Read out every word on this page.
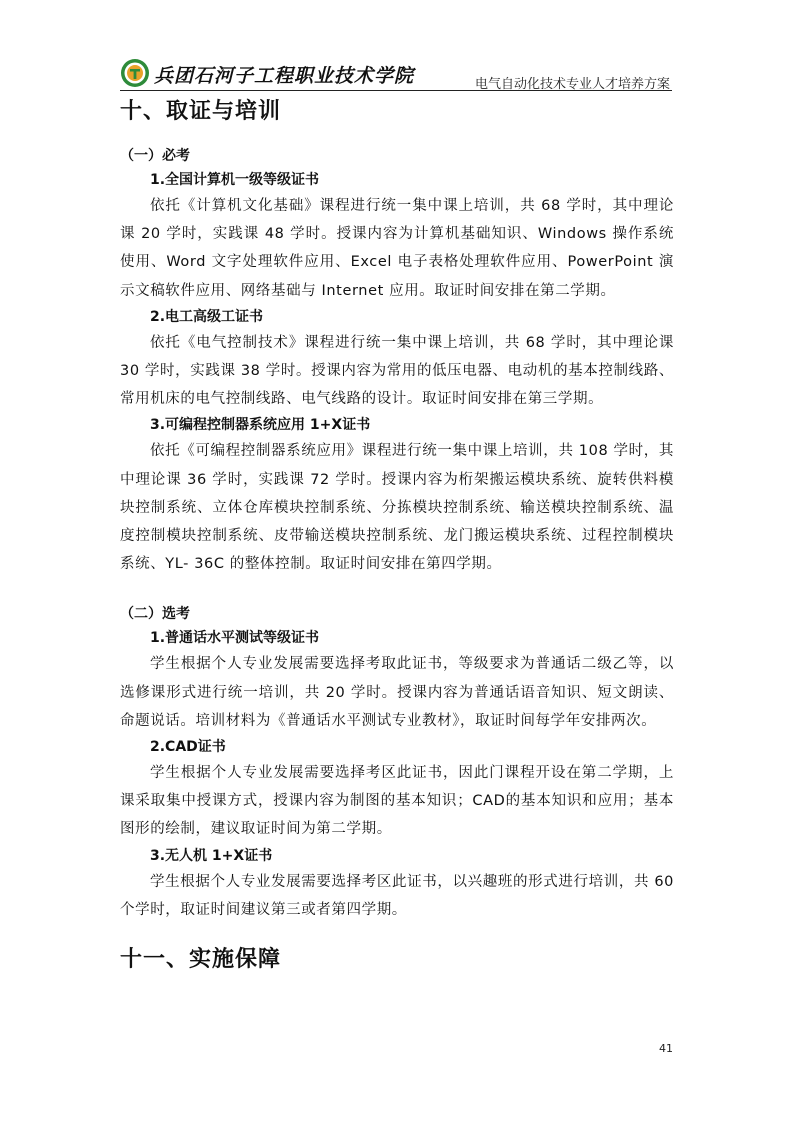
兵团石河子工程职业技术学院	电气自动化技术专业人才培养方案
十、取证与培训
（一）必考
1.全国计算机一级等级证书

依托《计算机文化基础》课程进行统一集中课上培训，共 68 学时，其中理论课 20 学时，实践课 48 学时。授课内容为计算机基础知识、Windows 操作系统使用、Word 文字处理软件应用、Excel 电子表格处理软件应用、PowerPoint 演示文稿软件应用、网络基础与 Internet 应用。取证时间安排在第二学期。

2.电工高级工证书

依托《电气控制技术》课程进行统一集中课上培训，共 68 学时，其中理论课 30 学时，实践课 38 学时。授课内容为常用的低压电器、电动机的基本控制线路、常用机床的电气控制线路、电气线路的设计。取证时间安排在第三学期。

3.可编程控制器系统应用 1+X证书

依托《可编程控制器系统应用》课程进行统一集中课上培训，共 108 学时，其中理论课 36 学时，实践课 72 学时。授课内容为桁架搬运模块系统、旋转供料模块控制系统、立体仓库模块控制系统、分拣模块控制系统、输送模块控制系统、温度控制模块控制系统、皮带输送模块控制系统、龙门搬运模块系统、过程控制模块系统、YL- 36C 的整体控制。取证时间安排在第四学期。

（二）选考
1.普通话水平测试等级证书

学生根据个人专业发展需要选择考取此证书，等级要求为普通话二级乙等，以选修课形式进行统一培训，共 20 学时。授课内容为普通话语音知识、短文朗读、命题说话。培训材料为《普通话水平测试专业教材》，取证时间每学年安排两次。

2.CAD证书

学生根据个人专业发展需要选择考区此证书，因此门课程开设在第二学期，上课采取集中授课方式，授课内容为制图的基本知识；CAD的基本知识和应用；基本图形的绘制，建议取证时间为第二学期。

3.无人机 1+X证书

学生根据个人专业发展需要选择考区此证书，以兴趣班的形式进行培训，共 60 个学时，取证时间建议第三或者第四学期。

十一、实施保障
41
